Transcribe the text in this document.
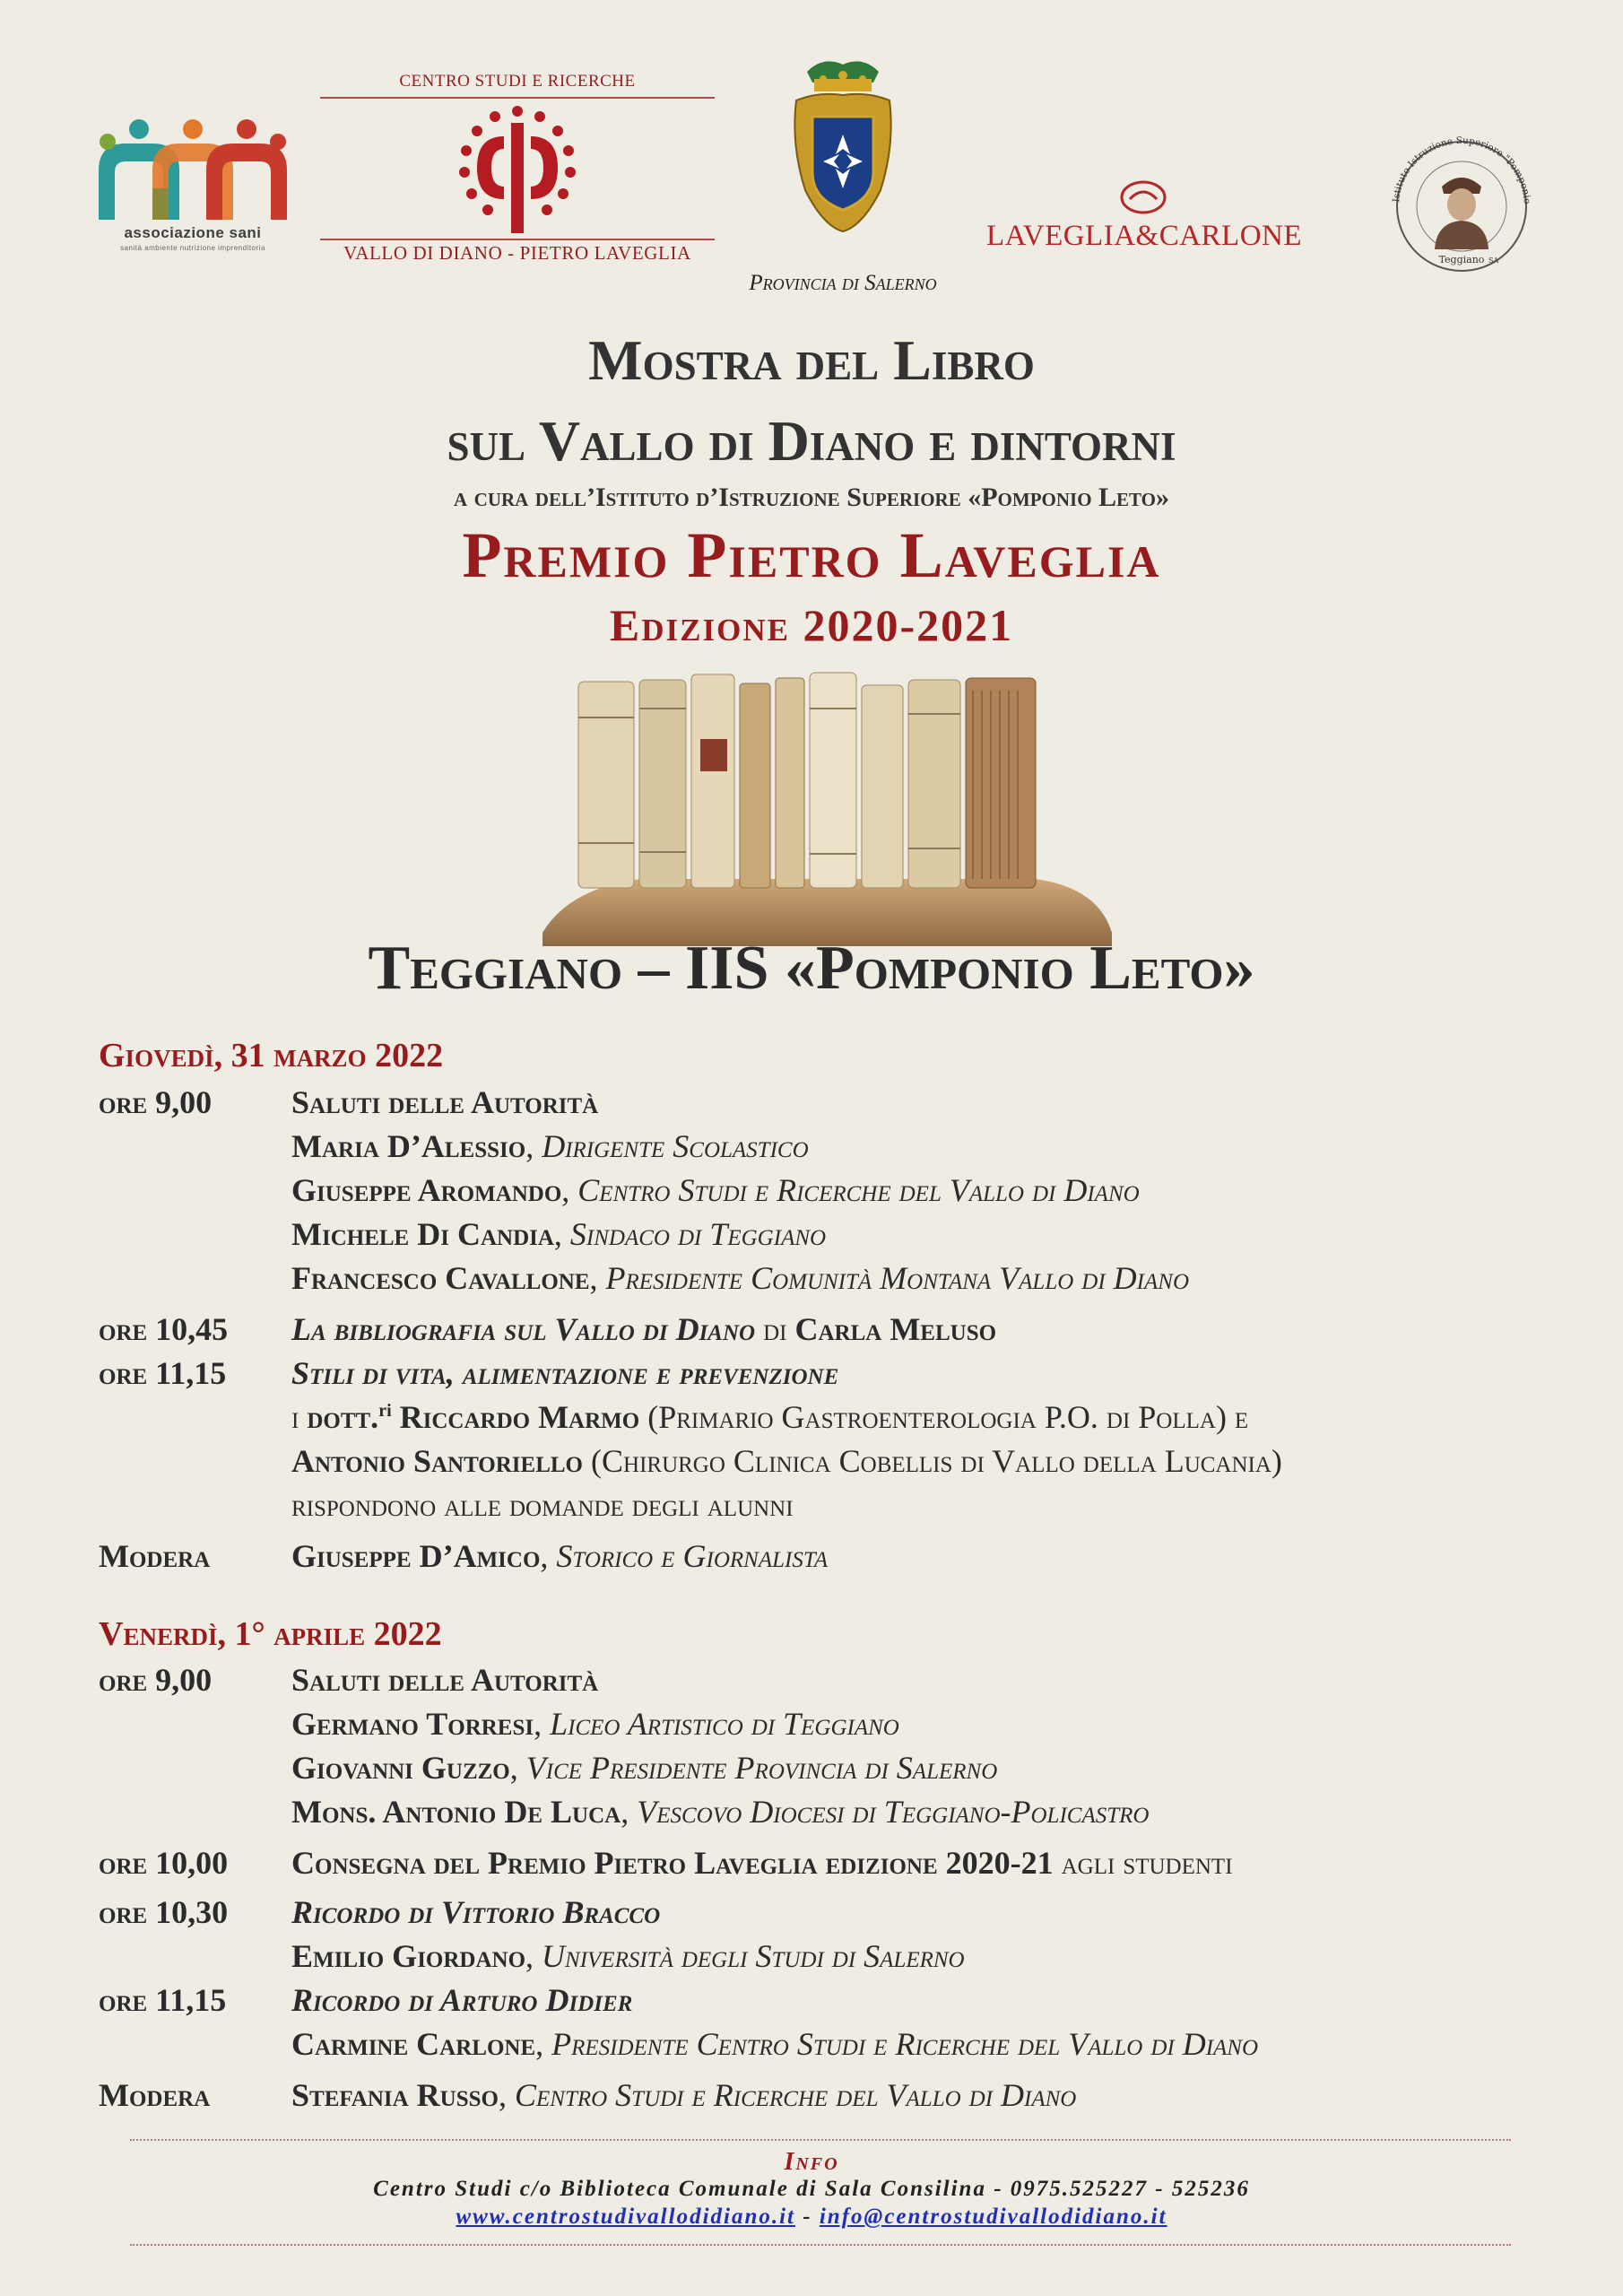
associazione sani
sanità ambiente nutrizione imprenditoria
CENTRO STUDI E RICERCHE
VALLO DI DIANO - PIETRO LAVEGLIA
Provincia di Salerno
LAVEGLIA&CARLONE
Istituto Istruzione Superiore "Pomponio
Teggiano SA
Mostra del Libro
sul Vallo di Diano e dintorni
a cura dell’Istituto d’Istruzione Superiore «Pomponio Leto»
Premio Pietro Laveglia
Edizione 2020-2021
Teggiano – IIS «Pomponio Leto»
Giovedì, 31 marzo 2022
ore 9,00 Saluti delle Autorità
Maria D’Alessio, Dirigente Scolastico
Giuseppe Aromando, Centro Studi e Ricerche del Vallo di Diano
Michele Di Candia, Sindaco di Teggiano
Francesco Cavallone, Presidente Comunità Montana Vallo di Diano
ore 10,45 La bibliografia sul Vallo di Diano di Carla Meluso
ore 11,15 Stili di vita, alimentazione e prevenzione
i dott.$^{ri}$ Riccardo Marmo (Primario Gastroenterologia P.O. di Polla) e
Antonio Santoriello (Chirurgo Clinica Cobellis di Vallo della Lucania)
rispondono alle domande degli alunni
Modera	Giuseppe D’Amico, Storico e Giornalista
Venerdì, 1° aprile 2022
ore 9,00 Saluti delle Autorità
Germano Torresi, Liceo Artistico di Teggiano
Giovanni Guzzo, Vice Presidente Provincia di Salerno
Mons. Antonio De Luca, Vescovo Diocesi di Teggiano-Policastro
ore 10,00 Consegna del Premio Pietro Laveglia edizione 2020-21 agli studenti
ore 10,30 Ricordo di Vittorio Bracco
Emilio Giordano, Università degli Studi di Salerno
ore 11,15 Ricordo di Arturo Didier
Carmine Carlone, Presidente Centro Studi e Ricerche del Vallo di Diano
Modera	Stefania Russo, Centro Studi e Ricerche del Vallo di Diano
Info
Centro Studi c/o Biblioteca Comunale di Sala Consilina - 0975.525227 - 525236
www.centrostudivallodidiano.it - info@centrostudivallodidiano.it
